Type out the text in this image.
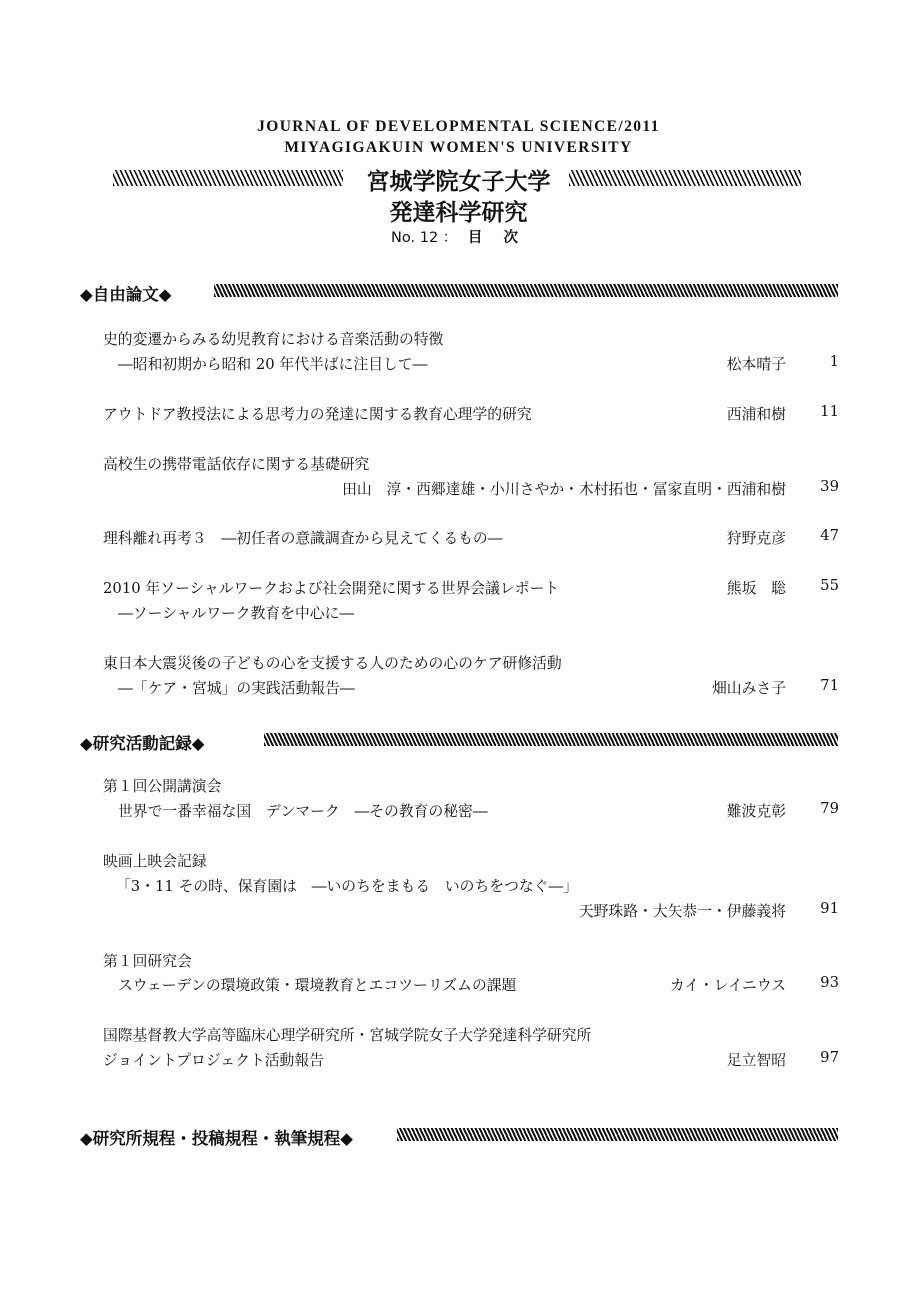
JOURNAL OF DEVELOPMENTAL SCIENCE/2011
MIYAGIGAKUIN WOMEN'S UNIVERSITY
宮城学院女子大学
発達科学研究
No. 12 ： 目 次
◆自由論文◆
史的変遷からみる幼児教育における音楽活動の特徴
―昭和初期から昭和 20 年代半ばに注目して―	松本晴子	1
アウトドア教授法による思考力の発達に関する教育心理学的研究	西浦和樹 11
高校生の携帯電話依存に関する基礎研究
田山　淳・西郷達雄・小川さやか・木村拓也・冨家直明・西浦和樹 39
理科離れ再考３　―初任者の意識調査から見えてくるもの―	狩野克彦 47
2010 年ソーシャルワークおよび社会開発に関する世界会議レポート	熊坂　聡 55
―ソーシャルワーク教育を中心に―
東日本大震災後の子どもの心を支援する人のための心のケア研修活動
―「ケア・宮城」の実践活動報告―	畑山みさ子 71
◆研究活動記録◆
第１回公開講演会
世界で一番幸福な国　デンマーク　―その教育の秘密―	難波克彰 79
映画上映会記録
「3・11 その時、保育園は　―いのちをまもる　いのちをつなぐ―」
天野珠路・大矢恭一・伊藤義将 91
第１回研究会
スウェーデンの環境政策・環境教育とエコツーリズムの課題	カイ・レイニウス 93
国際基督教大学高等臨床心理学研究所・宮城学院女子大学発達科学研究所
ジョイントプロジェクト活動報告	足立智昭 97
◆研究所規程・投稿規程・執筆規程◆
